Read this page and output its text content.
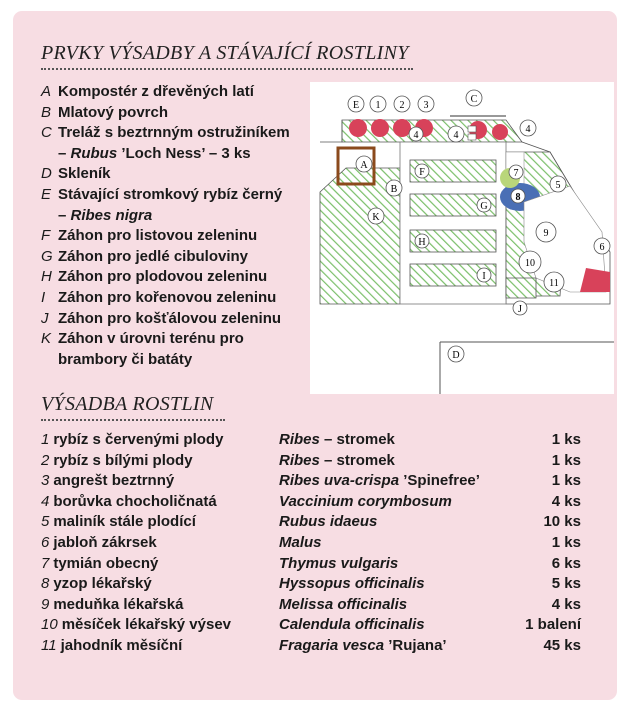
PRVKY VÝSADBY A STÁVAJÍCÍ ROSTLINY
A Kompostér z dřevěných latí
B Mlatový povrch
C Treláž s beztrnným ostružiníkem
– Rubus ’Loch Ness’ – 3 ks
D Skleník
E Stávající stromkový rybíz černý
– Ribes nigra
F Záhon pro listovou zeleninu
G Záhon pro jedlé cibuloviny
H Záhon pro plodovou zeleninu
I Záhon pro kořenovou zeleninu
J Záhon pro košťálovou zeleninu
K Záhon v úrovni terénu pro
brambory či batáty
E 1 2 3
C
4	4
4
A
B
K
F
G
H
I
7
8
5
6
9
10
11
J
D
VÝSADBA ROSTLIN
1 rybíz s červenými plody	Ribes – stromek	1 ks
2 rybíz s bílými plody	Ribes – stromek	1 ks
3 angrešt beztrnný	Ribes uva-crispa ’Spinefree’	1 ks
4 borůvka chocholičnatá	Vaccinium corymbosum	4 ks
5 maliník stále plodící	Rubus idaeus	10 ks
6 jabloň zákrsek	Malus	1 ks
7 tymián obecný	Thymus vulgaris	6 ks
8 yzop lékařský	Hyssopus officinalis	5 ks
9 meduňka lékařská	Melissa officinalis	4 ks
10 měsíček lékařský výsev	Calendula officinalis	1 balení
11 jahodník měsíční	Fragaria vesca ’Rujana’	45 ks
